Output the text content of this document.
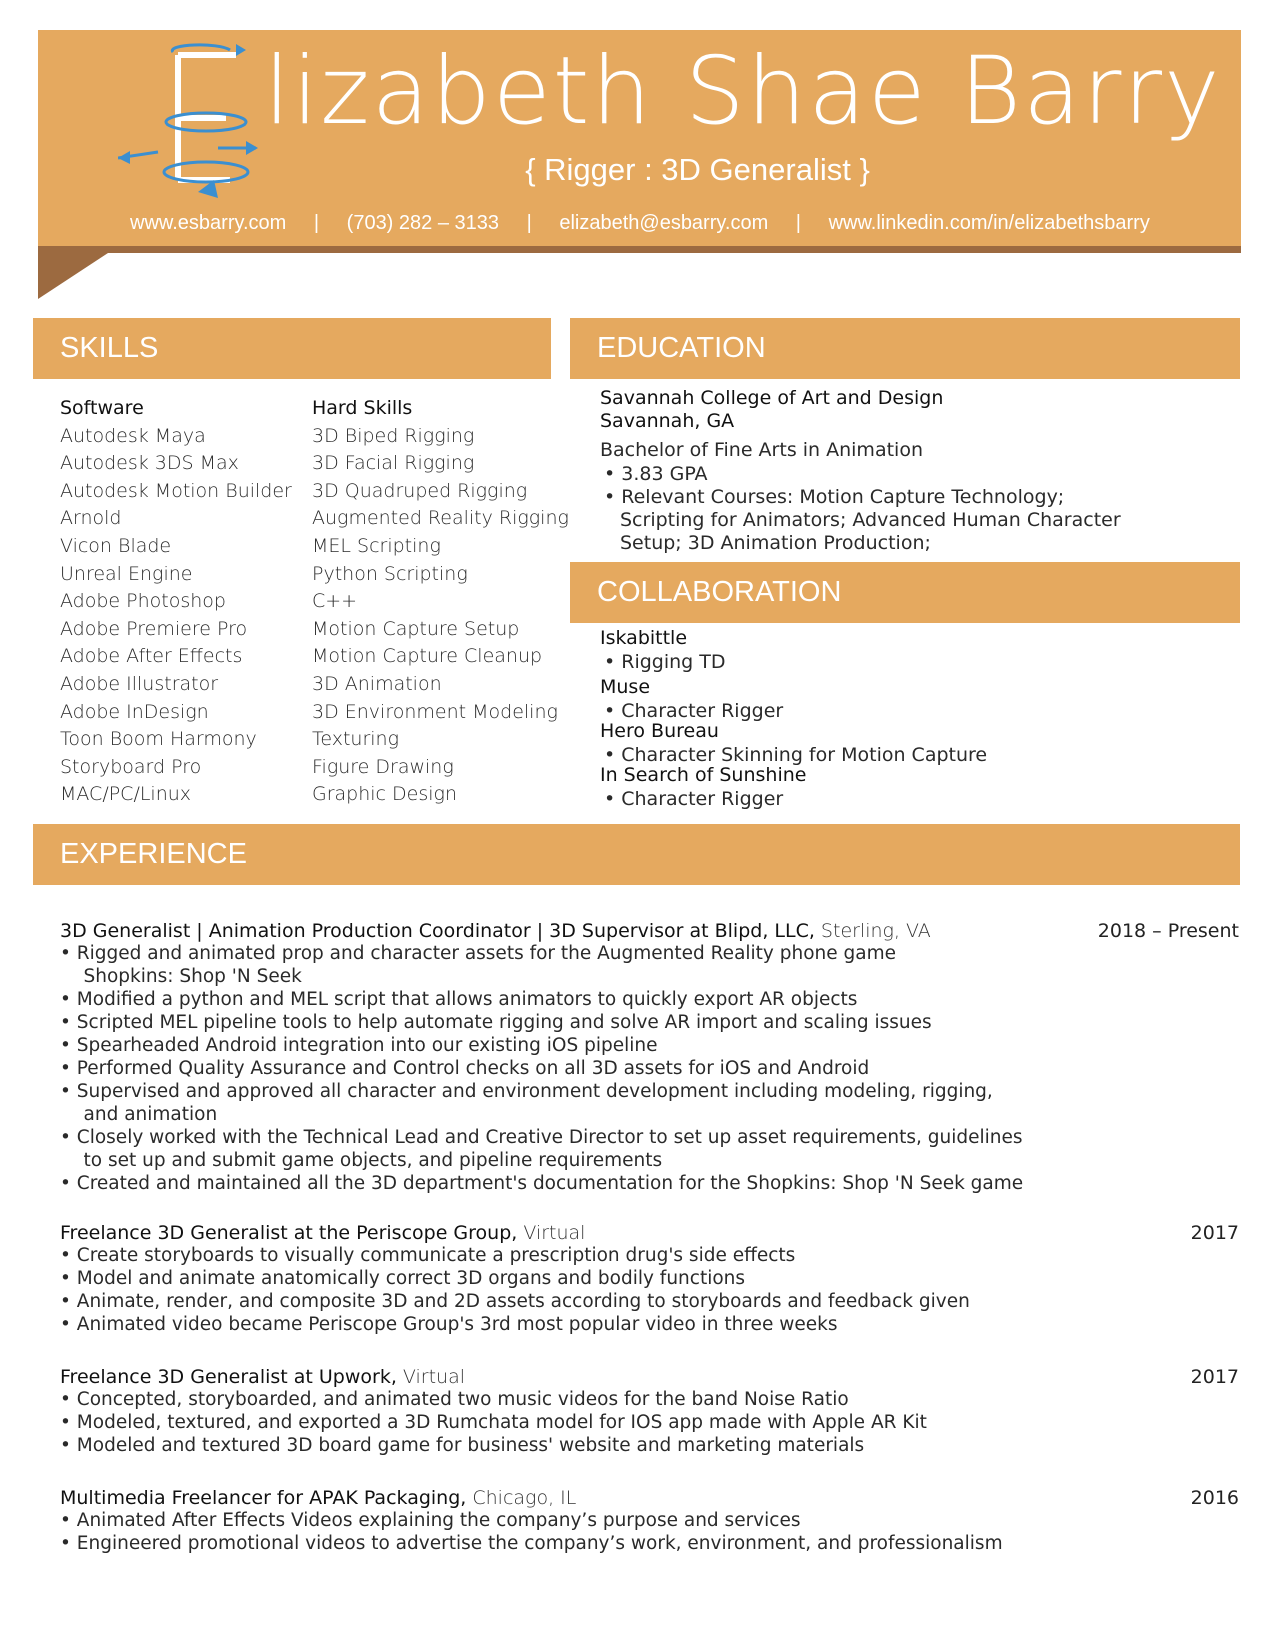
lizabeth Shae Barry
{ Rigger : 3D Generalist }
www.esbarry.com | (703) 282 – 3133 | elizabeth@esbarry.com | www.linkedin.com/in/elizabethsbarry
SKILLS	EDUCATION
COLLABORATION
EXPERIENCE
Software
Autodesk Maya
Autodesk 3DS Max
Autodesk Motion Builder
Arnold
Vicon Blade
Unreal Engine
Adobe Photoshop
Adobe Premiere Pro
Adobe After Effects
Adobe Illustrator
Adobe InDesign
Toon Boom Harmony
Storyboard Pro
MAC/PC/Linux
Hard Skills
3D Biped Rigging
3D Facial Rigging
3D Quadruped Rigging
Augmented Reality Rigging
MEL Scripting
Python Scripting
C++
Motion Capture Setup
Motion Capture Cleanup
3D Animation
3D Environment Modeling
Texturing
Figure Drawing
Graphic Design
Savannah College of Art and Design
Savannah, GA
Bachelor of Fine Arts in Animation
• 3.83 GPA
• Relevant Courses: Motion Capture Technology;
Scripting for Animators; Advanced Human Character
Setup; 3D Animation Production;
Iskabittle
• Rigging TD
Muse
• Character Rigger
Hero Bureau
• Character Skinning for Motion Capture
In Search of Sunshine
• Character Rigger
3D Generalist | Animation Production Coordinator | 3D Supervisor at Blipd, LLC, Sterling, VA	2018 – Present
• Rigged and animated prop and character assets for the Augmented Reality phone game
Shopkins: Shop 'N Seek
• Modified a python and MEL script that allows animators to quickly export AR objects
• Scripted MEL pipeline tools to help automate rigging and solve AR import and scaling issues
• Spearheaded Android integration into our existing iOS pipeline
• Performed Quality Assurance and Control checks on all 3D assets for iOS and Android
• Supervised and approved all character and environment development including modeling, rigging,
and animation
• Closely worked with the Technical Lead and Creative Director to set up asset requirements, guidelines
to set up and submit game objects, and pipeline requirements
• Created and maintained all the 3D department's documentation for the Shopkins: Shop 'N Seek game
Freelance 3D Generalist at the Periscope Group, Virtual	2017
• Create storyboards to visually communicate a prescription drug's side effects
• Model and animate anatomically correct 3D organs and bodily functions
• Animate, render, and composite 3D and 2D assets according to storyboards and feedback given
• Animated video became Periscope Group's 3rd most popular video in three weeks
Freelance 3D Generalist at Upwork, Virtual	2017
• Concepted, storyboarded, and animated two music videos for the band Noise Ratio
• Modeled, textured, and exported a 3D Rumchata model for IOS app made with Apple AR Kit
• Modeled and textured 3D board game for business' website and marketing materials
Multimedia Freelancer for APAK Packaging, Chicago, IL	2016
• Animated After Effects Videos explaining the company’s purpose and services
• Engineered promotional videos to advertise the company’s work, environment, and professionalism
